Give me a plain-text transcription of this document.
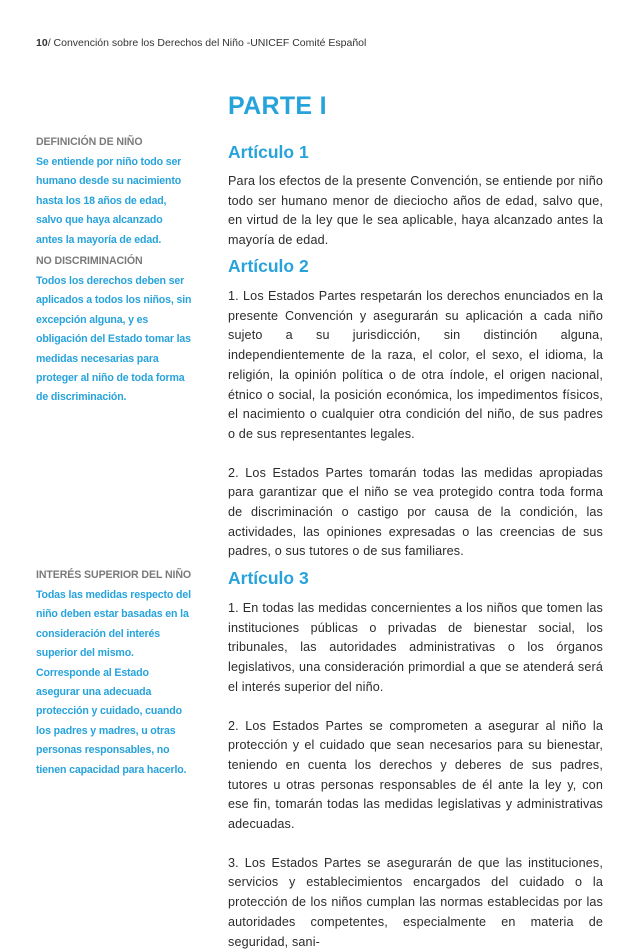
10/ Convención sobre los Derechos del Niño -UNICEF Comité Español
PARTE I

DEFINICIÓN DE NIÑO

Se entiende por niño todo ser humano desde su nacimiento hasta los 18 años de edad, salvo que haya alcanzado antes la mayoría de edad.

NO DISCRIMINACIÓN

Todos los derechos deben ser aplicados a todos los niños, sin excepción alguna, y es obligación del Estado tomar las medidas necesarias para proteger al niño de toda forma de discriminación.

INTERÉS SUPERIOR DEL NIÑO

Todas las medidas respecto del niño deben estar basadas en la consideración del interés superior del mismo. Corresponde al Estado asegurar una adecuada protección y cuidado, cuando los padres y madres, u otras personas responsables, no tienen capacidad para hacerlo.

Artículo 1

Para los efectos de la presente Convención, se entiende por niño todo ser humano menor de dieciocho años de edad, salvo que, en virtud de la ley que le sea aplicable, haya alcanzado antes la mayoría de edad.

Artículo 2

1. Los Estados Partes respetarán los derechos enunciados en la presente Convención y asegurarán su aplicación a cada niño sujeto a su jurisdicción, sin distinción alguna, independientemente de la raza, el color, el sexo, el idioma, la religión, la opinión política o de otra índole, el origen nacional, étnico o social, la posición económica, los impedimentos físicos, el nacimiento o cualquier otra condición del niño, de sus padres o de sus representantes legales.

2. Los Estados Partes tomarán todas las medidas apropiadas para garantizar que el niño se vea protegido contra toda forma de discriminación o castigo por causa de la condición, las actividades, las opiniones expresadas o las creencias de sus padres, o sus tutores o de sus familiares.

Artículo 3

1. En todas las medidas concernientes a los niños que tomen las instituciones públicas o privadas de bienestar social, los tribunales, las autoridades administrativas o los órganos legislativos, una consideración primordial a que se atenderá será el interés superior del niño.

2. Los Estados Partes se comprometen a asegurar al niño la protección y el cuidado que sean necesarios para su bienestar, teniendo en cuenta los derechos y deberes de sus padres, tutores u otras personas responsables de él ante la ley y, con ese fin, tomarán todas las medidas legislativas y administrativas adecuadas.

3. Los Estados Partes se asegurarán de que las instituciones, servicios y establecimientos encargados del cuidado o la protección de los niños cumplan las normas establecidas por las autoridades competentes, especialmente en materia de seguridad, sani-
